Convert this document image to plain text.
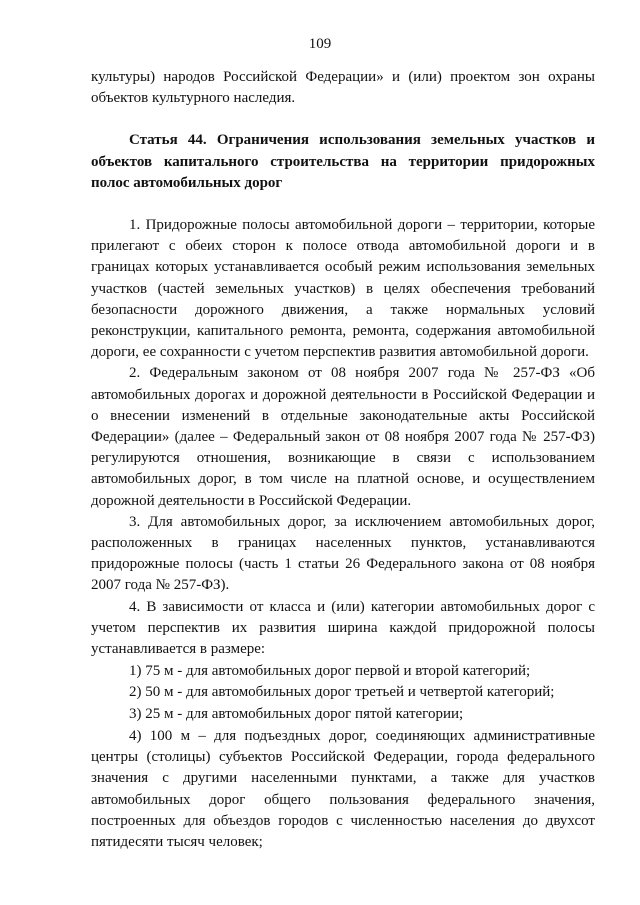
109

культуры) народов Российской Федерации» и (или) проектом зон охраны объектов культурного наследия.

Статья 44. Ограничения использования земельных участков и объектов капитального строительства на территории придорожных полос автомобильных дорог

1. Придорожные полосы автомобильной дороги – территории, которые прилегают с обеих сторон к полосе отвода автомобильной дороги и в границах которых устанавливается особый режим использования земельных участков (частей земельных участков) в целях обеспечения требований безопасности дорожного движения, а также нормальных условий реконструкции, капитального ремонта, ремонта, содержания автомобильной дороги, ее сохранности с учетом перспектив развития автомобильной дороги.

2. Федеральным законом от 08 ноября 2007 года № 257-ФЗ «Об автомобильных дорогах и дорожной деятельности в Российской Федерации и о внесении изменений в отдельные законодательные акты Российской Федерации» (далее – Федеральный закон от 08 ноября 2007 года № 257-ФЗ) регулируются отношения, возникающие в связи с использованием автомобильных дорог, в том числе на платной основе, и осуществлением дорожной деятельности в Российской Федерации.

3. Для автомобильных дорог, за исключением автомобильных дорог, расположенных в границах населенных пунктов, устанавливаются придорожные полосы (часть 1 статьи 26 Федерального закона от 08 ноября 2007 года № 257-ФЗ).

4. В зависимости от класса и (или) категории автомобильных дорог с учетом перспектив их развития ширина каждой придорожной полосы устанавливается в размере:

1) 75 м - для автомобильных дорог первой и второй категорий;

2) 50 м - для автомобильных дорог третьей и четвертой категорий;

3) 25 м - для автомобильных дорог пятой категории;

4) 100 м – для подъездных дорог, соединяющих административные центры (столицы) субъектов Российской Федерации, города федерального значения с другими населенными пунктами, а также для участков автомобильных дорог общего пользования федерального значения, построенных для объездов городов с численностью населения до двухсот пятидесяти тысяч человек;
